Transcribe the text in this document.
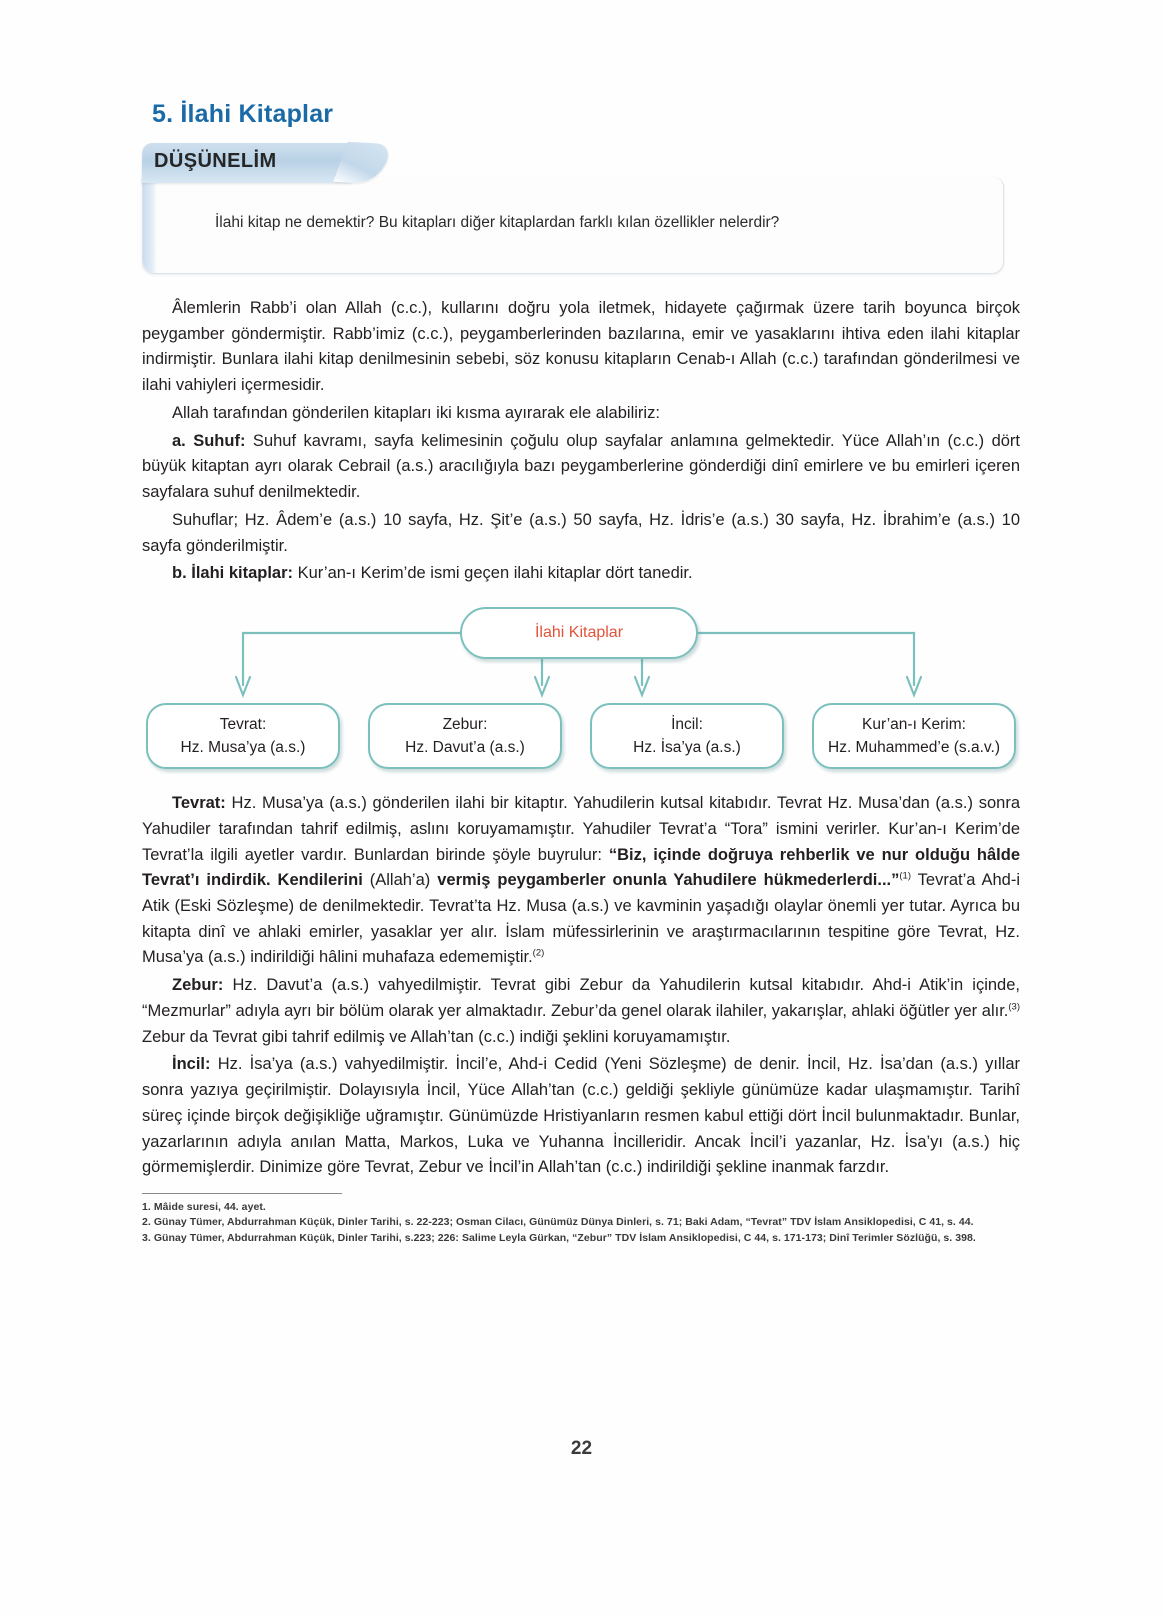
5. İlahi Kitaplar
DÜŞÜNELİM
İlahi kitap ne demektir? Bu kitapları diğer kitaplardan farklı kılan özellikler nelerdir?

Âlemlerin Rabb’i olan Allah (c.c.), kullarını doğru yola iletmek, hidayete çağırmak üzere tarih boyunca birçok peygamber göndermiştir. Rabb’imiz (c.c.), peygamberlerinden bazılarına, emir ve yasaklarını ihtiva eden ilahi kitaplar indirmiştir. Bunlara ilahi kitap denilmesinin sebebi, söz konusu kitapların Cenab-ı Allah (c.c.) tarafından gönderilmesi ve ilahi vahiyleri içermesidir.

Allah tarafından gönderilen kitapları iki kısma ayırarak ele alabiliriz:

a. Suhuf: Suhuf kavramı, sayfa kelimesinin çoğulu olup sayfalar anlamına gelmektedir. Yüce Allah’ın (c.c.) dört büyük kitaptan ayrı olarak Cebrail (a.s.) aracılığıyla bazı peygamberlerine gönderdiği dinî emirlere ve bu emirleri içeren sayfalara suhuf denilmektedir.

Suhuflar; Hz. Âdem’e (a.s.) 10 sayfa, Hz. Şit’e (a.s.) 50 sayfa, Hz. İdris’e (a.s.) 30 sayfa, Hz. İbrahim’e (a.s.) 10 sayfa gönderilmiştir.

b. İlahi kitaplar: Kur’an-ı Kerim’de ismi geçen ilahi kitaplar dört tanedir.

İlahi Kitaplar
Tevrat:
Hz. Musa’ya (a.s.)
Zebur:
Hz. Davut’a (a.s.)
İncil:
Hz. İsa’ya (a.s.)
Kur’an-ı Kerim:
Hz. Muhammed’e (s.a.v.)

Tevrat: Hz. Musa’ya (a.s.) gönderilen ilahi bir kitaptır. Yahudilerin kutsal kitabıdır. Tevrat Hz. Musa’dan (a.s.) sonra Yahudiler tarafından tahrif edilmiş, aslını koruyamamıştır. Yahudiler Tevrat’a “Tora” ismini verirler. Kur’an-ı Kerim’de Tevrat’la ilgili ayetler vardır. Bunlardan birinde şöyle buyrulur: “Biz, içinde doğruya rehberlik ve nur olduğu hâlde Tevrat’ı indirdik. Kendilerini (Allah’a) vermiş peygamberler onunla Yahudilere hükmederlerdi...”$^{(1)}$ Tevrat’a Ahd-i Atik (Eski Sözleşme) de denilmektedir. Tevrat’ta Hz. Musa (a.s.) ve kavminin yaşadığı olaylar önemli yer tutar. Ayrıca bu kitapta dinî ve ahlaki emirler, yasaklar yer alır. İslam müfessirlerinin ve araştırmacılarının tespitine göre Tevrat, Hz. Musa’ya (a.s.) indirildiği hâlini muhafaza edememiştir.$^{(2)}$

Zebur: Hz. Davut’a (a.s.) vahyedilmiştir. Tevrat gibi Zebur da Yahudilerin kutsal kitabıdır. Ahd-i Atik’in içinde, “Mezmurlar” adıyla ayrı bir bölüm olarak yer almaktadır. Zebur’da genel olarak ilahiler, yakarışlar, ahlaki öğütler yer alır.$^{(3)}$ Zebur da Tevrat gibi tahrif edilmiş ve Allah’tan (c.c.) indiği şeklini koruyamamıştır.

İncil: Hz. İsa’ya (a.s.) vahyedilmiştir. İncil’e, Ahd-i Cedid (Yeni Sözleşme) de denir. İncil, Hz. İsa’dan (a.s.) yıllar sonra yazıya geçirilmiştir. Dolayısıyla İncil, Yüce Allah’tan (c.c.) geldiği şekliyle günümüze kadar ulaşmamıştır. Tarihî süreç içinde birçok değişikliğe uğramıştır. Günümüzde Hristiyanların resmen kabul ettiği dört İncil bulunmaktadır. Bunlar, yazarlarının adıyla anılan Matta, Markos, Luka ve Yuhanna İncilleridir. Ancak İncil’i yazanlar, Hz. İsa’yı (a.s.) hiç görmemişlerdir. Dinimize göre Tevrat, Zebur ve İncil’in Allah’tan (c.c.) indirildiği şekline inanmak farzdır.

1. Mâide suresi, 44. ayet.

2. Günay Tümer, Abdurrahman Küçük, Dinler Tarihi, s. 22-223; Osman Cilacı, Günümüz Dünya Dinleri, s. 71; Baki Adam, “Tevrat” TDV İslam Ansiklopedisi, C 41, s. 44.

3. Günay Tümer, Abdurrahman Küçük, Dinler Tarihi, s.223; 226: Salime Leyla Gürkan, “Zebur” TDV İslam Ansiklopedisi, C 44, s. 171-173; Dinî Terimler Sözlüğü, s. 398.

22
